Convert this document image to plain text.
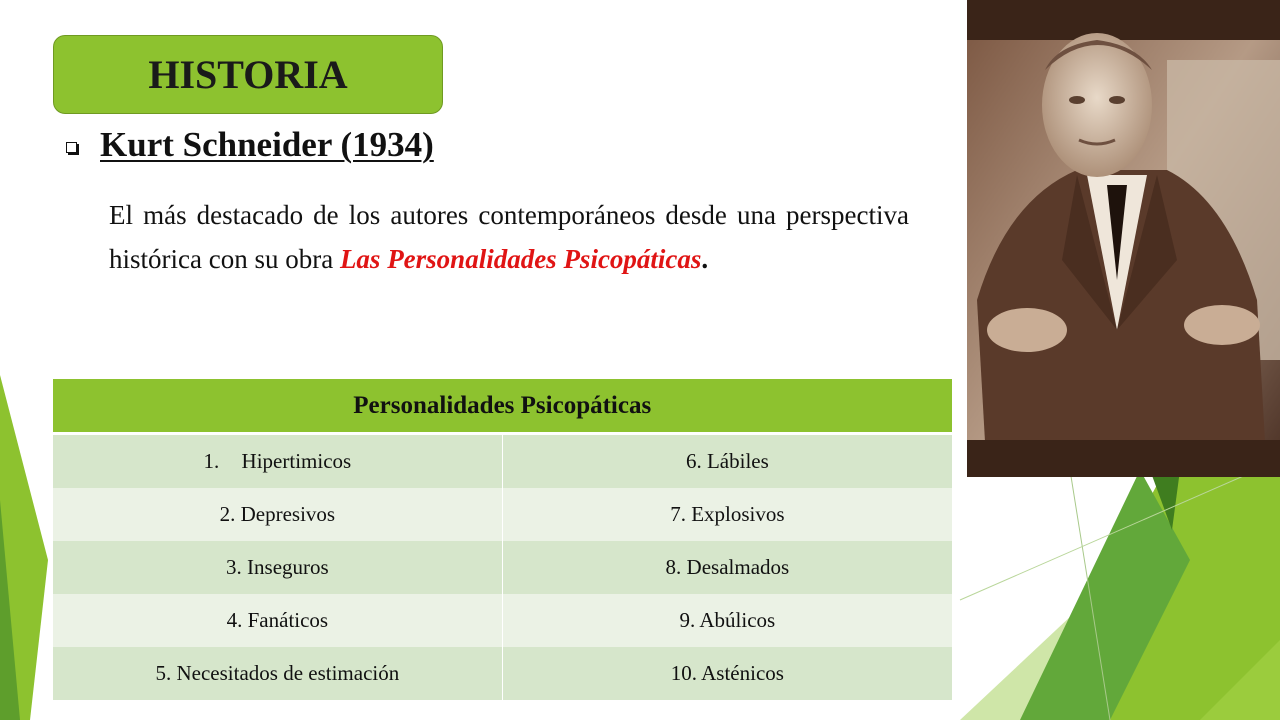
HISTORIA
Kurt Schneider (1934)
El más destacado de los autores contemporáneos desde una perspectiva histórica con su obra Las Personalidades Psicopáticas.
Personalidades Psicopáticas	
1. Hipertimicos	6. Lábiles
2. Depresivos	7. Explosivos
3. Inseguros	8. Desalmados
4. Fanáticos	9. Abúlicos
5. Necesitados de estimación	10. Asténicos
